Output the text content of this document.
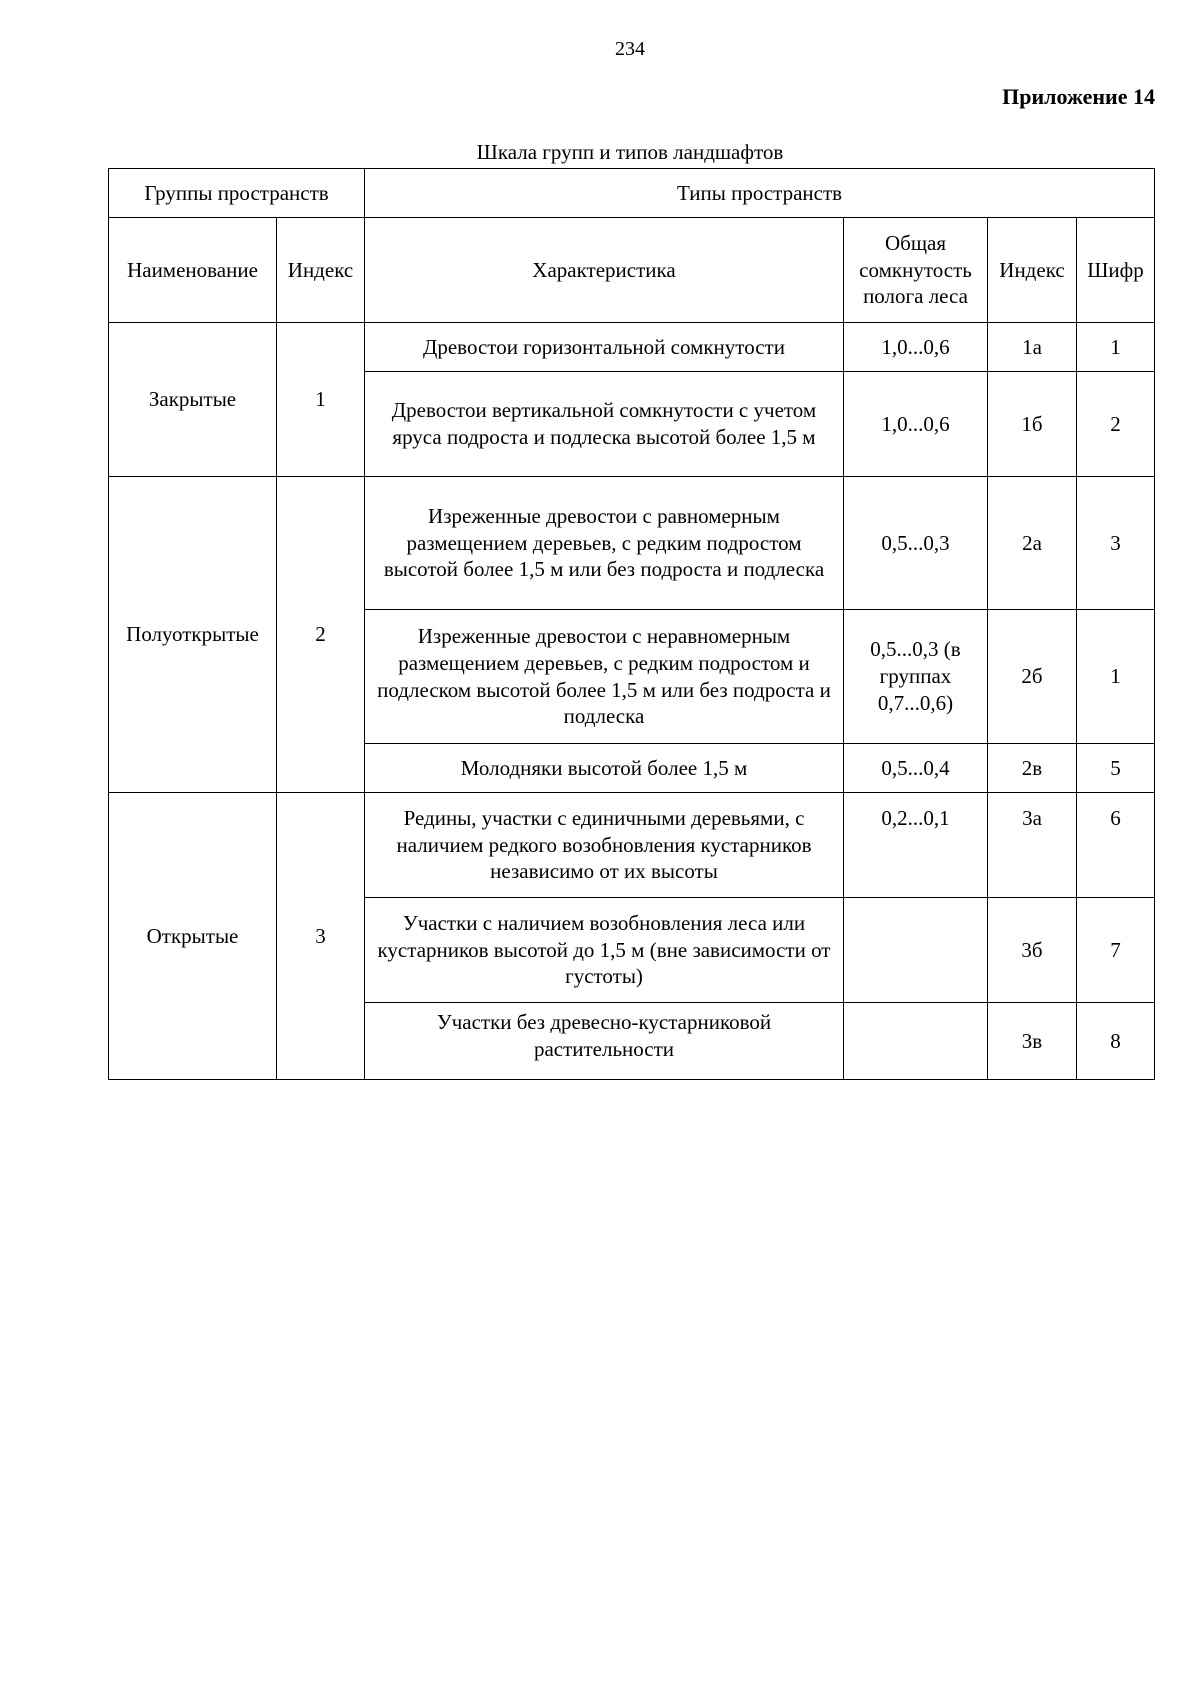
234
Приложение 14
Шкала групп и типов ландшафтов
Группы пространств		Типы пространств			
Наименование	Индекс	Характеристика	Общая сомкнутость полога леса	Индекс	Шифр
Закрытые	1	Древостои горизонтальной сомкнутости	1,0...0,6	1а	1
		Древостои вертикальной сомкнутости с учетом яруса подроста и подлеска высотой более 1,5 м	1,0...0,6	1б	2
Полуоткрытые	2	Изреженные древостои с равномерным размещением деревьев, с редким подростом высотой более 1,5 м или без подроста и подлеска	0,5...0,3	2а	3
		Изреженные древостои с неравномерным размещением деревьев, с редким подростом и подлеском высотой более 1,5 м или без подроста и подлеска	0,5...0,3 (в группах 0,7...0,6)	2б	1
		Молодняки высотой более 1,5 м	0,5...0,4	2в	5
Открытые	3	Редины, участки с единичными деревьями, с наличием редкого возобновления кустарников независимо от их высоты	0,2...0,1	3а	6
		Участки с наличием возобновления леса или кустарников высотой до 1,5 м (вне зависимости от густоты)		3б	7
		Участки без древесно-кустарниковой растительности		3в	8
